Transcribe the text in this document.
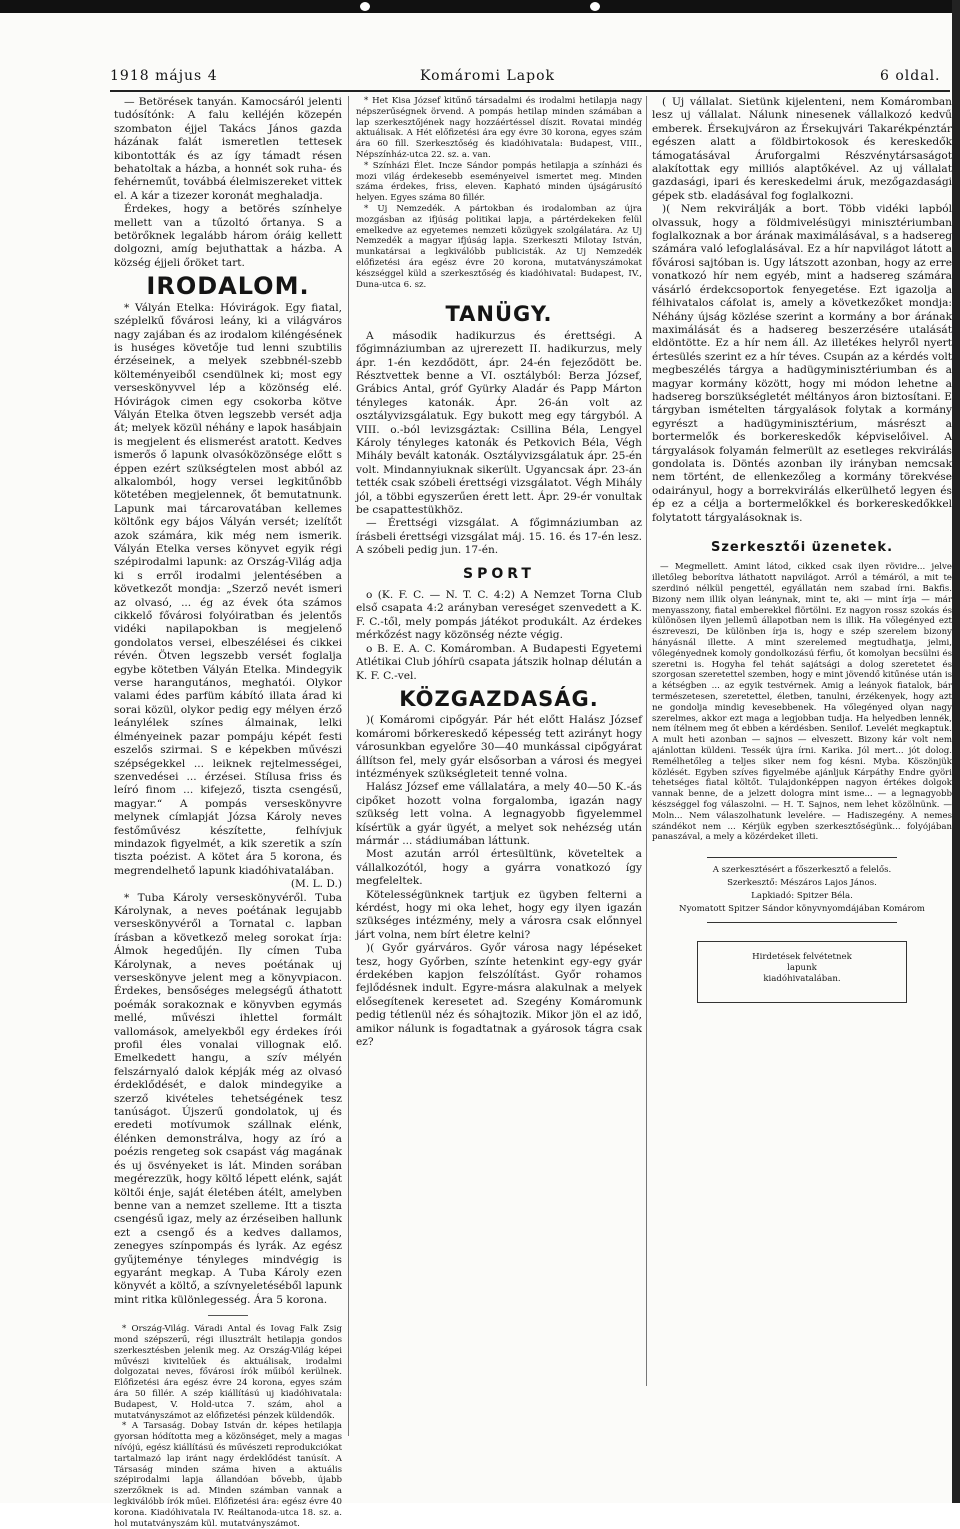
1918 május 4	Komáromi Lapok	6 oldal.

— Betörések tanyán. Kamocsáról jelenti tudósítónk: A falu kelléjén közepén szombaton éjjel Takács János gazda házának falát ismeretlen tettesek kibontották és az így támadt résen behatoltak a házba, a honnét sok ruha- és fehérneműt, továbbá élelmiszereket vittek el. A kár a tizezer koronát meghaladja.

Érdekes, hogy a betörés színhelye mellett van a tűzoltó őrtanya. S a betörőknek legalább három óráig kellett dolgozni, amíg bejuthattak a házba. A község éjjeli őröket tart.

IRODALOM.

* Vályán Etelka: Hóvirágok. Egy fiatal, széplelkű fővárosi leány, ki a világváros nagy zajában és az irodalom kiléngésének is huséges követője tud lenni szubtilis érzéseinek, a melyek szebbnél-szebb költeményeiből csendülnek ki; most egy verseskönyvvel lép a közönség elé. Hóvirágok cimen egy csokorba kötve Vályán Etelka ötven legszebb versét adja át; melyek közül néhány e lapok hasábjain is megjelent és elismerést aratott. Kedves ismerős ő lapunk olvasóközönsége előtt s éppen ezért szükségtelen most abból az alkalomból, hogy versei legkitűnőbb kötetében megjelennek, őt bemutatnunk. Lapunk mai tárcarovatában kellemes költőnk egy bájos Vályán versét; izelítőt azok számára, kik még nem ismerik. Vályán Etelka verses könyvet egyik régi szépirodalmi lapunk: az Ország-Világ adja ki s erről irodalmi jelentésében a következőt mondja: „Szerző nevét ismeri az olvasó, ... ég az évek óta számos cikkelő fővárosi folyóiratban és jelentős vidéki napilapokban is megjelenő gondolatos versei, elbeszélései és cikkei révén. Ötven legszebb versét foglalja egybe kötetben Vályán Etelka. Mindegyik verse harangutános, meghatói. Olykor valami édes parfüm kábító illata árad ki sorai közül, olykor pedig egy mélyen érző leánylélek színes álmainak, lelki élményeinek pazar pompáju képét festi eszelős szirmai. S e képekben művészi szépségekkel ... leiknek rejtelmességei, szenvedései ... érzései. Stílusa friss és leíró finom ... kifejező, tiszta csengésű, magyar.“ A pompás verseskönyvre melynek címlapját Józsa Károly neves festőművész készítette, felhívjuk mindazok figyelmét, a kik szeretik a szín tiszta poézist. A kötet ára 5 korona, és megrendelhető lapunk kiadóhivatalában.

(M. L. D.)

* Tuba Károly verseskönyvéről. Tuba Károlynak, a neves poétának legujabb verseskönyvéről a Tornatal c. lapban írásban a következő meleg sorokat írja: Álmok hegedűjén. Ily címen Tuba Károlynak, a neves poétának uj verseskönyve jelent meg a könyvpiacon. Érdekes, bensőséges melegségű áthatott poémák sorakoznak e könyvben egymás mellé, művészi ihlettel formált vallomások, amelyekből egy érdekes írói profil éles vonalai villognak elő. Emelkedett hangu, a szív mélyén felszárnyaló dalok képják még az olvasó érdeklődését, e dalok mindegyike a szerző kivételes tehetségének tesz tanúságot. Újszerű gondolatok, uj és eredeti motívumok szállnak elénk, élénken demonstrálva, hogy az író a poézis rengeteg sok csapást vág magának és uj ösvényeket is lát. Minden sorában megérezzük, hogy költő lépett elénk, saját költői énje, saját életében átélt, amelyben benne van a nemzet szelleme. Itt a tiszta csengésű igaz, mely az érzéseiben hallunk ezt a csengő és a kedves dallamos, zenegyes színpompás és lyrák. Az egész gyűjteménye tényleges mindvégig is egyaránt megkap. A Tuba Károly ezen könyvét a költő, a szívnyeletéséből lapunk mint ritka különlegesség. Ára 5 korona.

* Ország-Világ. Váradi Antal és Iovag Falk Zsig mond szépszerű, régi illusztrált hetilapja gondos szerkesztésben jelenik meg. Az Ország-Világ képei művészi kivitelűek és aktuálisak, irodalmi dolgozatai neves, fővárosi írók műiból kerülnek. Előfizetési ára egész évre 24 korona, egyes szám ára 50 fillér. A szép kiállítású uj kiadóhivatala: Budapest, V. Hold-utca 7. szám, ahol a mutatványszámot az előfizetési pénzek küldendők.

* A Tarsaság. Dobay István dr. képes hetilapja gyorsan hódította meg a közönséget, mely a magas nívójú, egész kiállítású és művészeti reprodukciókat tartalmazó lap iránt nagy érdeklődést tanúsít. A Társaság minden száma hiven a aktuális szépirodalmi lapja állandóan bővebb, újabb szerzőknek is ad. Minden számban vannak a legkiválóbb írók műei. Előfizetési ára: egész évre 40 korona. Kiadóhivatala IV. Reáltanoda-utca 18. sz. a. hol mutatványszám kül. mutatványszámot.

* Het Kisa József kitűnő társadalmi és irodalmi hetilapja nagy népszerűségnek örvend. A pompás hetilap minden számában a lap szerkesztőjének nagy hozzáértéssel díszit. Rovatai mindég aktuálisak. A Hét előfizetési ára egy évre 30 korona, egyes szám ára 60 fill. Szerkesztőség és kiadóhivatala: Budapest, VIII., Népszínház-utca 22. sz. a. van.

* Színházi Élet. Incze Sándor pompás hetilapja a színházi és mozi világ érdekesebb eseményeivel ismertet meg. Minden száma érdekes, friss, eleven. Kapható minden újságárusító helyen. Egyes száma 80 fillér.

* Uj Nemzedék. A pártokban és irodalomban az újra mozgásban az ifjúság politikai lapja, a pártérdekeken felül emelkedve az egyetemes nemzeti közügyek szolgálatára. Az Uj Nemzedék a magyar ifjúság lapja. Szerkeszti Milotay István, munkatársai a legkiválóbb publicisták. Az Uj Nemzedék előfizetési ára egész évre 20 korona, mutatványszámokat készséggel küld a szerkesztőség és kiadóhivatal: Budapest, IV., Duna-utca 6. sz.

TANÜGY.

A második hadikurzus és érettségi. A főgimnáziumban az ujrerezett II. hadikurzus, mely ápr. 1-én kezdődött, ápr. 24-én fejeződött be. Résztvettek benne a VI. osztályból: Berza József, Grábics Antal, gróf Gyürky Aladár és Papp Márton tényleges katonák. Ápr. 26-án volt az osztályvizsgálatuk. Egy bukott meg egy tárgyból. A VIII. o.-ból levizsgáztak: Csillina Béla, Lengyel Károly tényleges katonák és Petkovich Béla, Végh Mihály bevált katonák. Osztályvizsgálatuk ápr. 25-én volt. Mindannyiuknak sikerült. Ugyancsak ápr. 23-án tették csak szóbeli érettségi vizsgálatot. Végh Mihály jól, a többi egyszerűen érett lett. Ápr. 29-ér vonultak be csapattestükhöz.

— Érettségi vizsgálat. A főgimnáziumban az írásbeli érettségi vizsgálat máj. 15. 16. és 17-én lesz. A szóbeli pedig jun. 17-én.

SPORT

o (K. F. C. — N. T. C. 4:2) A Nemzet Torna Club első csapata 4:2 arányban vereséget szenvedett a K. F. C.-től, mely pompás játékot produkált. Az érdekes mérkőzést nagy közönség nézte végig.

o B. E. A. C. Komáromban. A Budapesti Egyetemi Atlétikai Club jóhírü csapata játszik holnap délután a K. F. C.-vel.

KÖZGAZDASÁG.

)( Komáromi cipőgyár. Pár hét előtt Halász József komáromi bőrkereskedő képesség tett azirányt hogy városunkban egyelőre 30—40 munkással cipőgyárat állítson fel, mely gyár elsősorban a városi és megyei intézmények szükségleteit tenné volna.

Halász József eme vállalatára, a mely 40—50 K.-ás cipőket hozott volna forgalomba, igazán nagy szükség lett volna. A legnagyobb figyelemmel kísértük a gyár ügyét, a melyet sok nehézség után mármár ... stádiumában láttunk.

Most azután arról értesültünk, követeltek a vállalkozótól, hogy a gyárra vonatkozó így megfeleltek.

Kötelességünknek tartjuk ez ügyben felterni a kérdést, hogy mi oka lehet, hogy egy ilyen igazán szükséges intézmény, mely a városra csak előnnyel járt volna, nem bírt életre kelni?

)( Győr gyárváros. Győr városa nagy lépéseket tesz, hogy Győrben, színte hetenkint egy-egy gyár érdekében kapjon felszólítást. Győr rohamos fejlődésnek indult. Egyre-másra alakulnak a melyek elősegítenek keresetet ad. Szegény Komáromunk pedig tétlenül néz és sóhajtozik. Mikor jön el az idő, amikor nálunk is fogadtatnak a gyárosok tágra csak ez?

( Uj vállalat. Sietünk kijelenteni, nem Komáromban lesz uj vállalat. Nálunk ninesenek vállalkozó kedvű emberek. Érsekujváron az Érsekujvári Takarékpénztár egészen alatt a földbirtokosok és kereskedők támogatásával Áruforgalmi Részvénytársaságot alakítottak egy milliós alaptőkével. Az uj vállalat gazdasági, ipari és kereskedelmi áruk, mezőgazdasági gépek stb. eladásával fog foglalkozni.

)( Nem rekvirálják a bort. Több vidéki lapból olvassuk, hogy a földmivelésügyi minisztériumban foglalkoznak a bor árának maximálásával, s a hadsereg számára való lefoglalásával. Ez a hír napvilágot látott a fővárosi sajtóban is. Ugy látszott azonban, hogy az erre vonatkozó hír nem egyéb, mint a hadsereg számára vásárló érdekcsoportok fenyegetése. Ezt igazolja a félhivatalos cáfolat is, amely a következőket mondja: Néhány újság közlése szerint a kormány a bor árának maximálását és a hadsereg beszerzésére utalását eldöntötte. Ez a hír nem áll. Az illetékes helyről nyert értesülés szerint ez a hír téves. Csupán az a kérdés volt megbeszélés tárgya a hadügyminisztériumban és a magyar kormány között, hogy mi módon lehetne a hadsereg borszükségletét méltányos áron biztosítani. E tárgyban ismételten tárgyalások folytak a kormány egyrészt a hadügyminisztérium, másrészt a bortermelők és borkereskedők képviselőivel. A tárgyalások folyamán felmerült az esetleges rekvirálás gondolata is. Döntés azonban ily irányban nemcsak nem történt, de ellenkezőleg a kormány törekvése odairányul, hogy a borrekvirálás elkerülhető legyen és ép ez a célja a bortermelőkkel és borkereskedőkkel folytatott tárgyalásoknak is.

Szerkesztői üzenetek.

— Megmellett. Amint látod, cikked csak ilyen rövidre... jelve illetőleg beborítva láthatott napvilágot. Arról a témáról, a mit te szerdinó nélkül pengettél, egyállatán nem szabad írni. Bakfis. Bizony nem illik olyan leánynak, mint te, aki — mint írja — már menyasszony, fiatal emberekkel flörtölni. Ez nagyon rossz szokás és különösen ilyen jellemű állapotban nem is illik. Ha vőlegényed ezt észreveszi, De különben írja is, hogy e szép szerelem bizony hányásnál illette. A mint szerelemed megtudhatja, jelmi, vőlegényednek komoly gondolkozású férfiu, őt komolyan becsülni és szeretni is. Hogyha fel tehát sajátsági a dolog szeretetet és szorgosan szeretettel szemben, hogy e mint jövendő kitűnése után is a kétségben ... az egyik testvérnek. Amig a leányok fiatalok, bár természetesen, szeretettel, életben, tanulni, érzékenyek, hogy azt ne gondolja mindig kevesebbenek. Ha vőlegényed olyan nagy szerelmes, akkor ezt maga a legjobban tudja. Ha helyedben lennék, nem ítélnem meg őt ebben a kérdésben. Senilof. Levelét megkaptuk. A mult heti azonban — sajnos — elveszett. Bizony kár volt nem ajánlottan küldeni. Tessék újra írni. Karika. Jól mert... jót dolog. Remélhetőleg a teljes siker nem fog késni. Myba. Köszönjük közlését. Egyben szíves figyelmébe ajánljuk Kárpáthy Endre györi tehetséges fiatal költőt. Tulajdonképpen nagyon értékes dolgok vannak benne, de a jelzett dologra mint isme... — a legnagyobb készséggel fog válaszolni. — H. T. Sajnos, nem lehet közölnünk. — Moln... Nem válaszolhatunk levelére. — Hadiszegény. A nemes szándékot nem ... Kérjük egyben szerkesztőségünk... folyójában panaszával, a mely a közérdeket illeti.

A szerkesztésért a főszerkesztő a felelős.
Szerkesztő: Mészáros Lajos János.
Lapkiadó: Spitzer Béla.
Nyomatott Spitzer Sándor könyvnyomdájában Komárom
Hirdetések felvétetnek
lapunk
kiadóhivatalában.
